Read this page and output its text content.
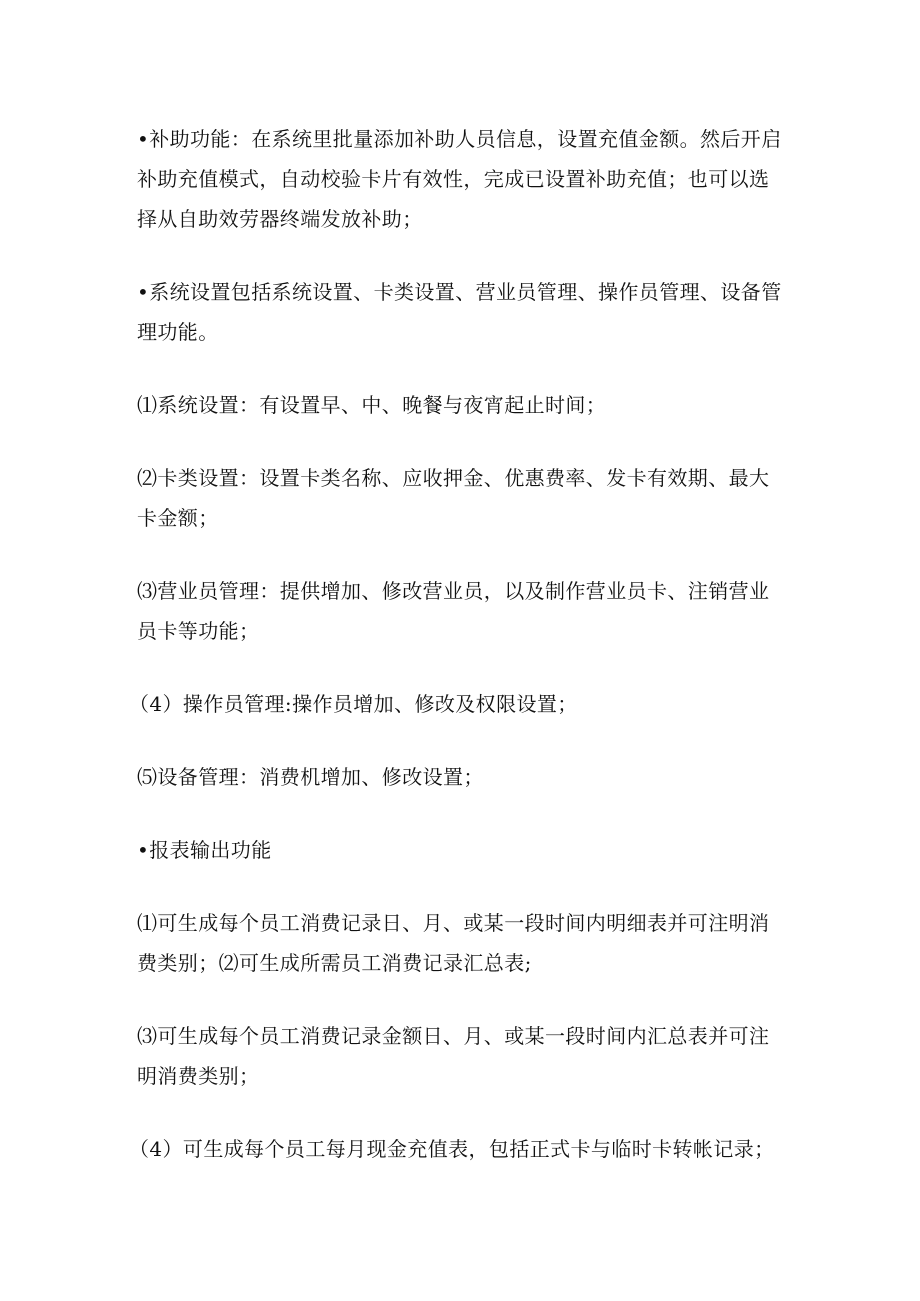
•补助功能：在系统里批量添加补助人员信息，设置充值金额。然后开启补助充值模式，自动校验卡片有效性，完成已设置补助充值；也可以选择从自助效劳器终端发放补助；

•系统设置包括系统设置、卡类设置、营业员管理、操作员管理、设备管理功能。

⑴系统设置：有设置早、中、晚餐与夜宵起止时间；

⑵卡类设置：设置卡类名称、应收押金、优惠费率、发卡有效期、最大卡金额；

⑶营业员管理：提供增加、修改营业员，以及制作营业员卡、注销营业员卡等功能；

（4）操作员管理:操作员增加、修改及权限设置；

⑸设备管理：消费机增加、修改设置；

•报表输出功能

⑴可生成每个员工消费记录日、月、或某一段时间内明细表并可注明消费类别；⑵可生成所需员工消费记录汇总表;

⑶可生成每个员工消费记录金额日、月、或某一段时间内汇总表并可注明消费类别；

（4）可生成每个员工每月现金充值表，包括正式卡与临时卡转帐记录；
